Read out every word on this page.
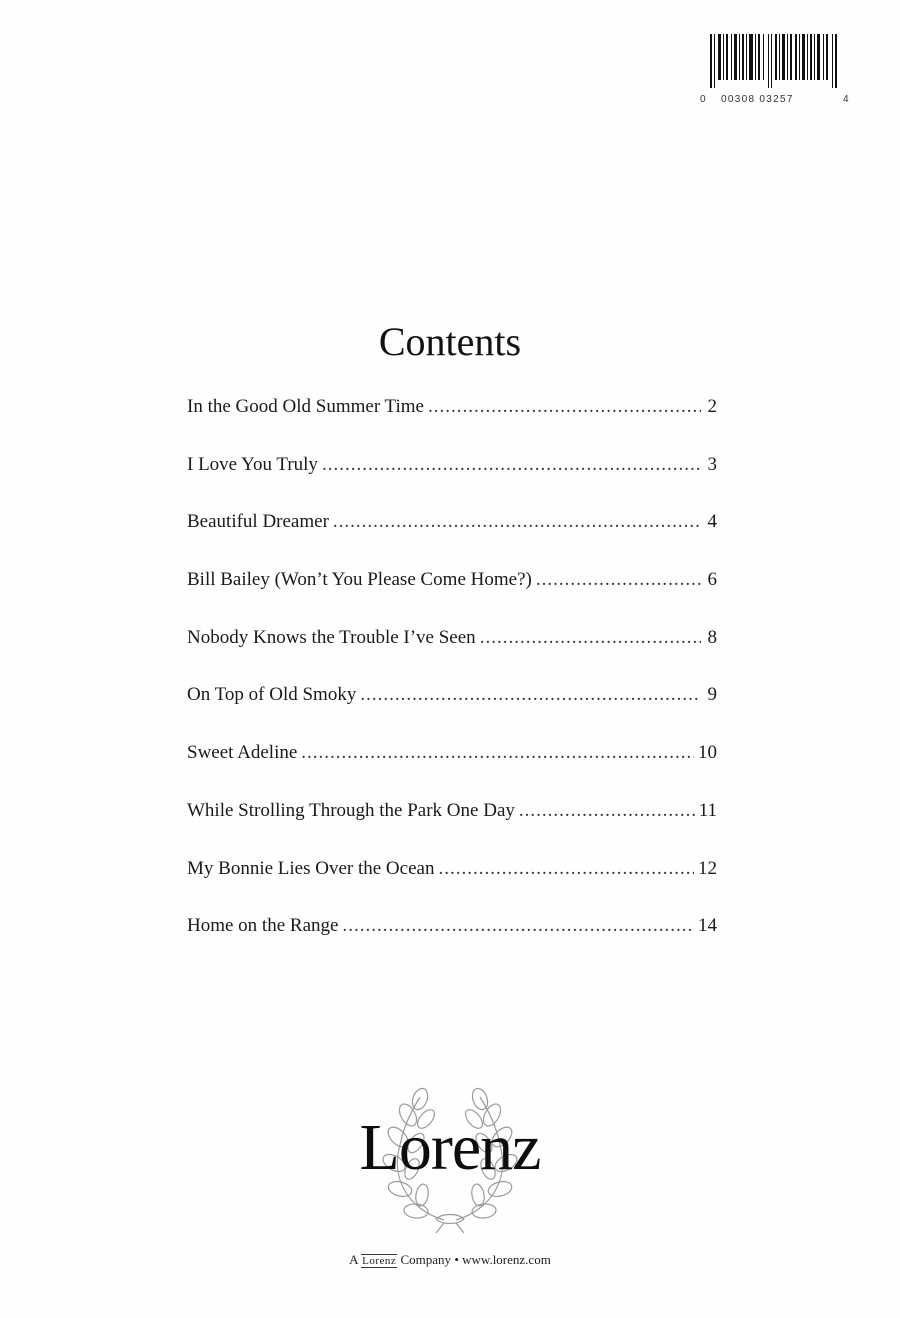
0 00308 03257	4
Contents
In the Good Old Summer Time .....	2
I Love You Truly .....	3
Beautiful Dreamer .....	4
Bill Bailey (Won’t You Please Come Home?) .....	6
Nobody Knows the Trouble I’ve Seen .....	8
On Top of Old Smoky .....	9
Sweet Adeline .....	10
While Strolling Through the Park One Day .....	11
My Bonnie Lies Over the Ocean .....	12
Home on the Range .....	14
Lorenz
A Lorenz Company • www.lorenz.com
